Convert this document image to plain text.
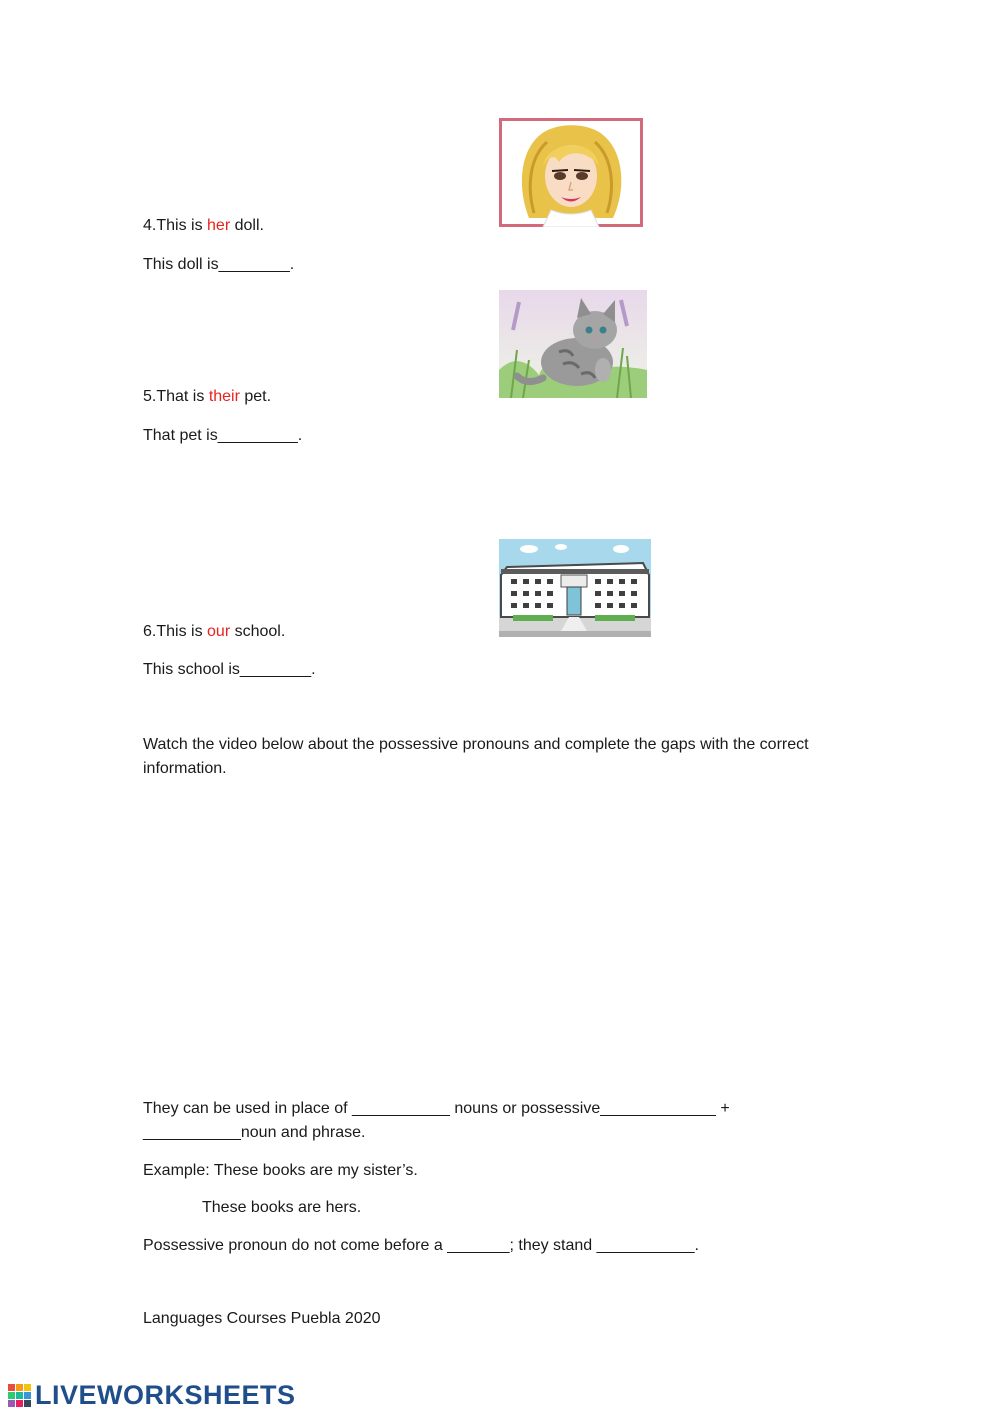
4.This is her doll.
This doll is________.
5.That is their pet.
That pet is_________.
6.This is our school.
This school is________.
Watch the video below about the possessive pronouns and complete the gaps with the correct
information.
They can be used in place of ___________ nouns or possessive_____________ +
___________noun and phrase.
Example: These books are my sister’s.
These books are hers.
Possessive pronoun do not come before a _______; they stand ___________.
Languages Courses Puebla 2020
LIVEWORKSHEETS
